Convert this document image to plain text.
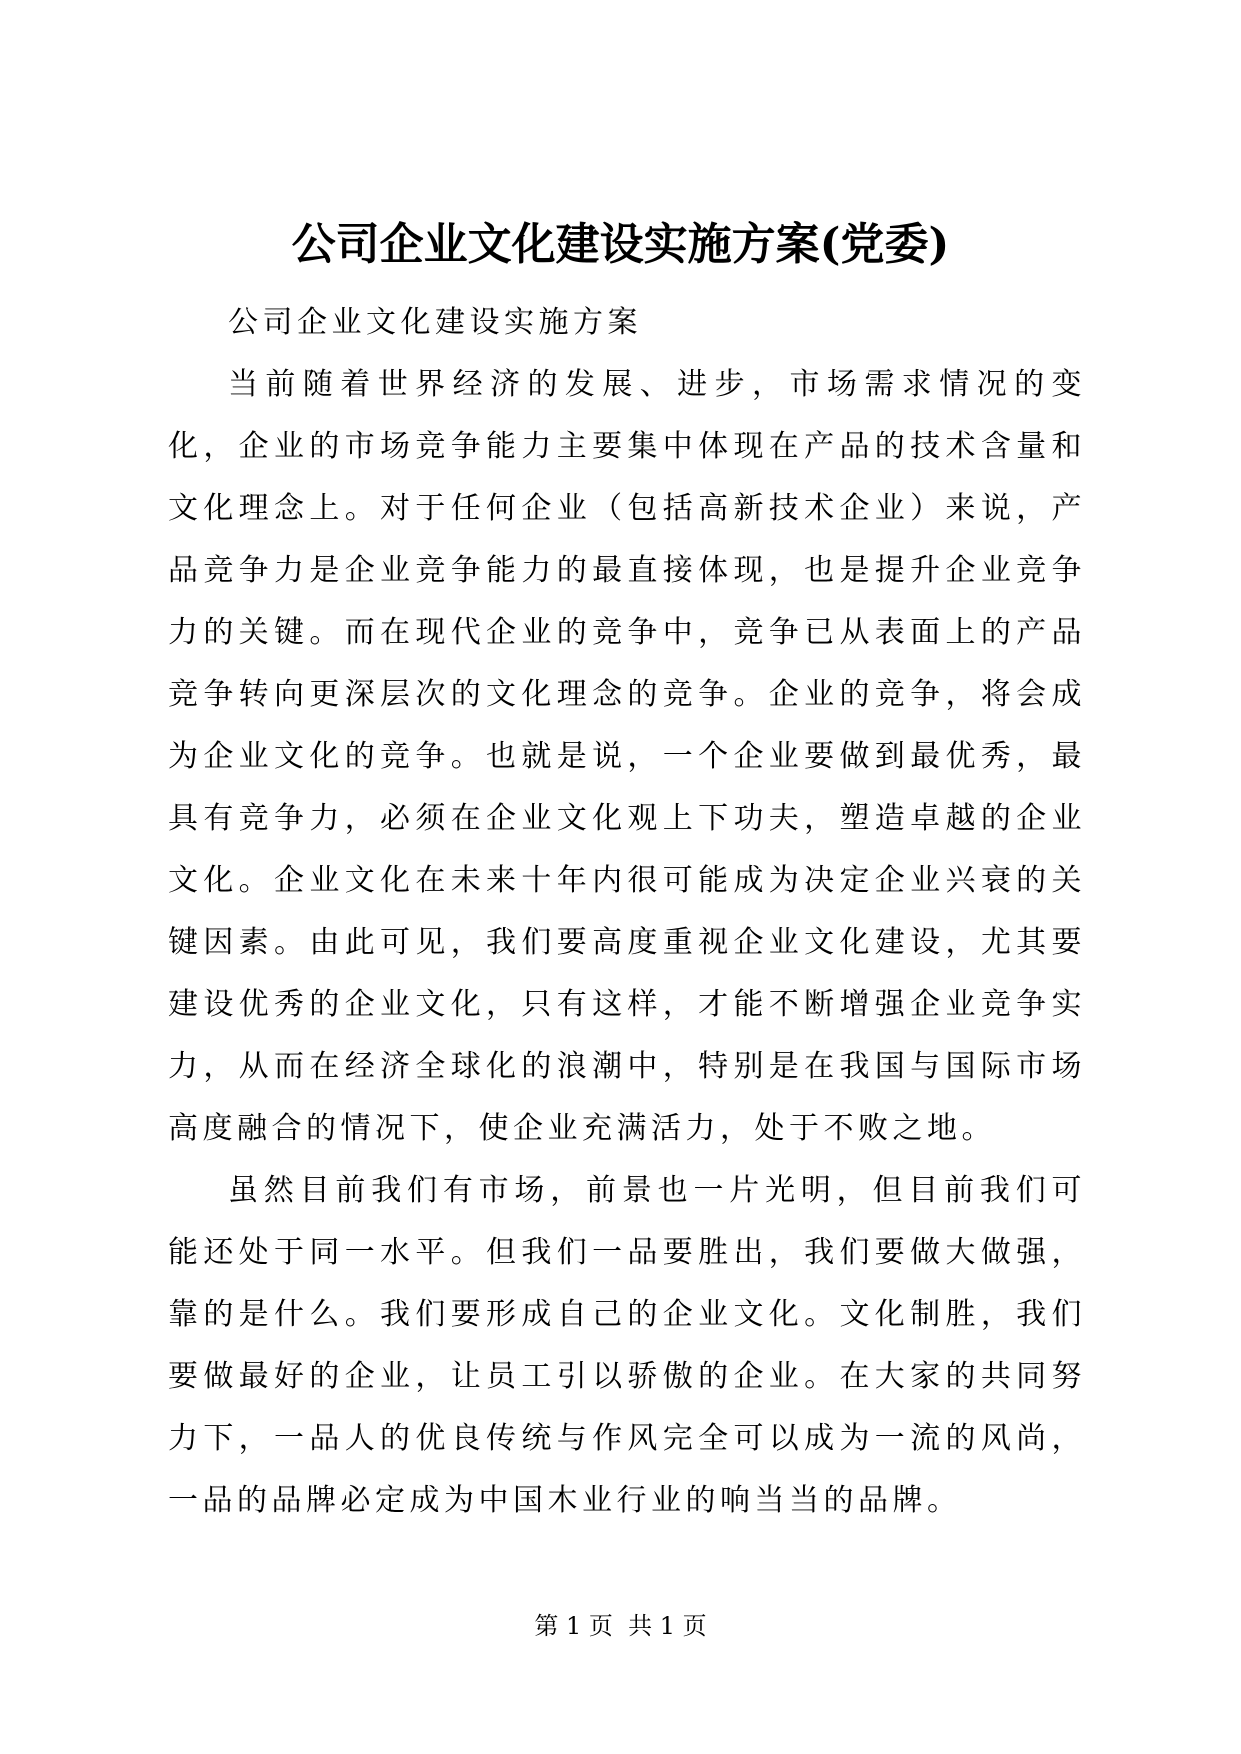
公司企业文化建设实施方案(党委)

公司企业文化建设实施方案

当前随着世界经济的发展、进步，市场需求情况的变化，企业的市场竞争能力主要集中体现在产品的技术含量和文化理念上。对于任何企业（包括高新技术企业）来说，产品竞争力是企业竞争能力的最直接体现，也是提升企业竞争力的关键。而在现代企业的竞争中，竞争已从表面上的产品竞争转向更深层次的文化理念的竞争。企业的竞争，将会成为企业文化的竞争。也就是说，一个企业要做到最优秀，最具有竞争力，必须在企业文化观上下功夫，塑造卓越的企业文化。企业文化在未来十年内很可能成为决定企业兴衰的关键因素。由此可见，我们要高度重视企业文化建设，尤其要建设优秀的企业文化，只有这样，才能不断增强企业竞争实力，从而在经济全球化的浪潮中，特别是在我国与国际市场高度融合的情况下，使企业充满活力，处于不败之地。

虽然目前我们有市场，前景也一片光明，但目前我们可能还处于同一水平。但我们一品要胜出，我们要做大做强，靠的是什么。我们要形成自己的企业文化。文化制胜，我们要做最好的企业，让员工引以骄傲的企业。在大家的共同努力下，一品人的优良传统与作风完全可以成为一流的风尚，一品的品牌必定成为中国木业行业的响当当的品牌。

第 1 页  共 1 页
